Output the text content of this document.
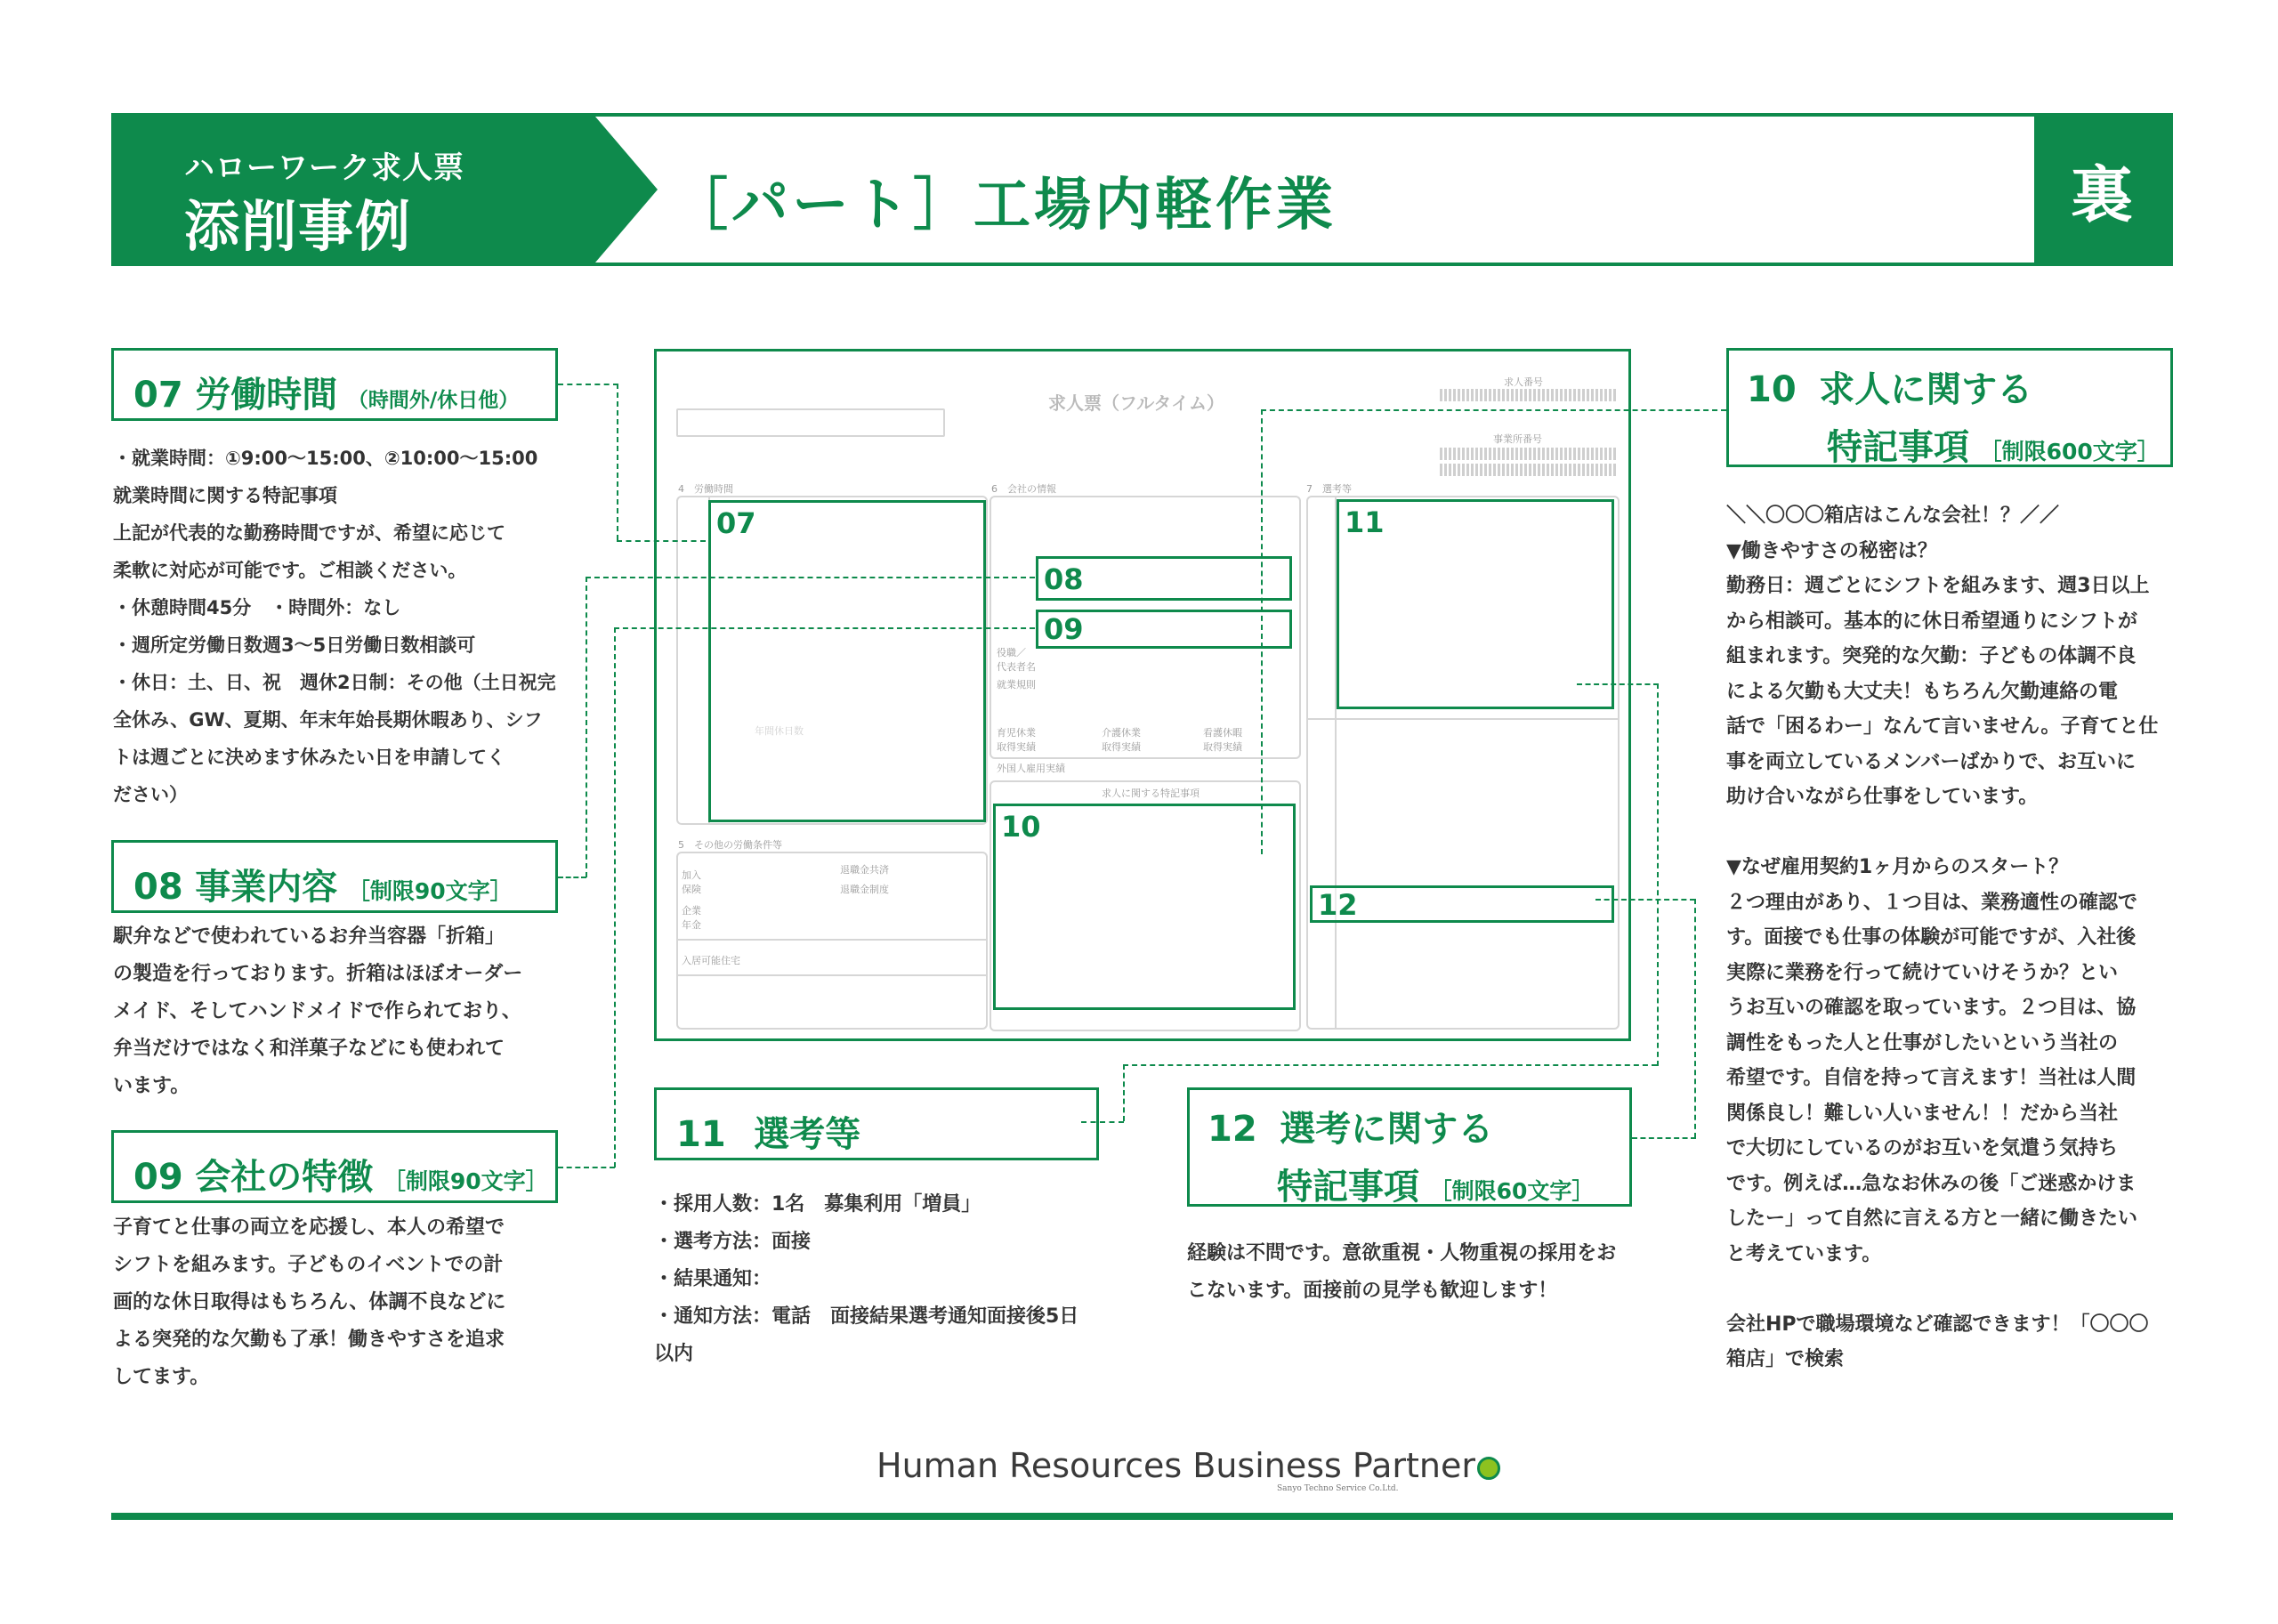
ハローワーク求人票
添削事例	［パート］工場内軽作業	裏
07 労働時間 （時間外/休日他）
・就業時間：①9:00〜15:00、②10:00〜15:00
就業時間に関する特記事項
上記が代表的な勤務時間ですが、希望に応じて
柔軟に対応が可能です。ご相談ください。
・休憩時間45分　・時間外：なし
・週所定労働日数週3〜5日労働日数相談可
・休日：土、日、祝　週休2日制：その他（土日祝完
全休み、GW、夏期、年末年始長期休暇あり、シフ
トは週ごとに決めます休みたい日を申請してく
ださい）
08 事業内容 ［制限90文字］
駅弁などで使われているお弁当容器「折箱」
の製造を行っております。折箱はほぼオーダー
メイド、そしてハンドメイドで作られており、
弁当だけではなく和洋菓子などにも使われて
います。
09 会社の特徴 ［制限90文字］
子育てと仕事の両立を応援し、本人の希望で
シフトを組みます。子どものイベントでの計
画的な休日取得はもちろん、体調不良などに
よる突発的な欠勤も了承！働きやすさを追求
してます。
10 求人に関する
特記事項 ［制限600文字］
＼＼〇〇〇箱店はこんな会社！？／／
▼働きやすさの秘密は？
勤務日：週ごとにシフトを組みます、週3日以上
から相談可。基本的に休日希望通りにシフトが
組まれます。突発的な欠勤：子どもの体調不良
による欠勤も大丈夫！もちろん欠勤連絡の電
話で「困るわー」なんて言いません。子育てと仕
事を両立しているメンバーばかりで、お互いに
助け合いながら仕事をしています。

▼なぜ雇用契約1ヶ月からのスタート？
２つ理由があり、１つ目は、業務適性の確認で
す。面接でも仕事の体験が可能ですが、入社後
実際に業務を行って続けていけそうか？とい
うお互いの確認を取っています。２つ目は、協
調性をもった人と仕事がしたいという当社の
希望です。自信を持って言えます！当社は人間
関係良し！難しい人いません！！だから当社
で大切にしているのがお互いを気遣う気持ち
です。例えば…急なお休みの後「ご迷惑かけま
したー」って自然に言える方と一緒に働きたい
と考えています。

会社HPで職場環境など確認できます！「〇〇〇
箱店」で検索
11 選考等
・採用人数：1名　募集利用「増員」
・選考方法：面接
・結果通知：
・通知方法：電話　面接結果選考通知面接後5日
以内
12 選考に関する
特記事項 ［制限60文字］
経験は不問です。意欲重視・人物重視の採用をお
こないます。面接前の見学も歓迎します！
求人票（フルタイム）
求人番号
事業所番号
4　労働時間	6　会社の情報	7　選考等
5　その他の労働条件等
加入
保険
企業
年金
退職金共済
退職金制度
入居可能住宅
役職／
代表者名
就業規則
育児休業
取得実績
介護休業
取得実績
看護休暇
取得実績
外国人雇用実績
求人に関する特記事項
07
08
09
10
11
12
Human Resources Business Partner
Sanyo Techno Service Co.Ltd.
